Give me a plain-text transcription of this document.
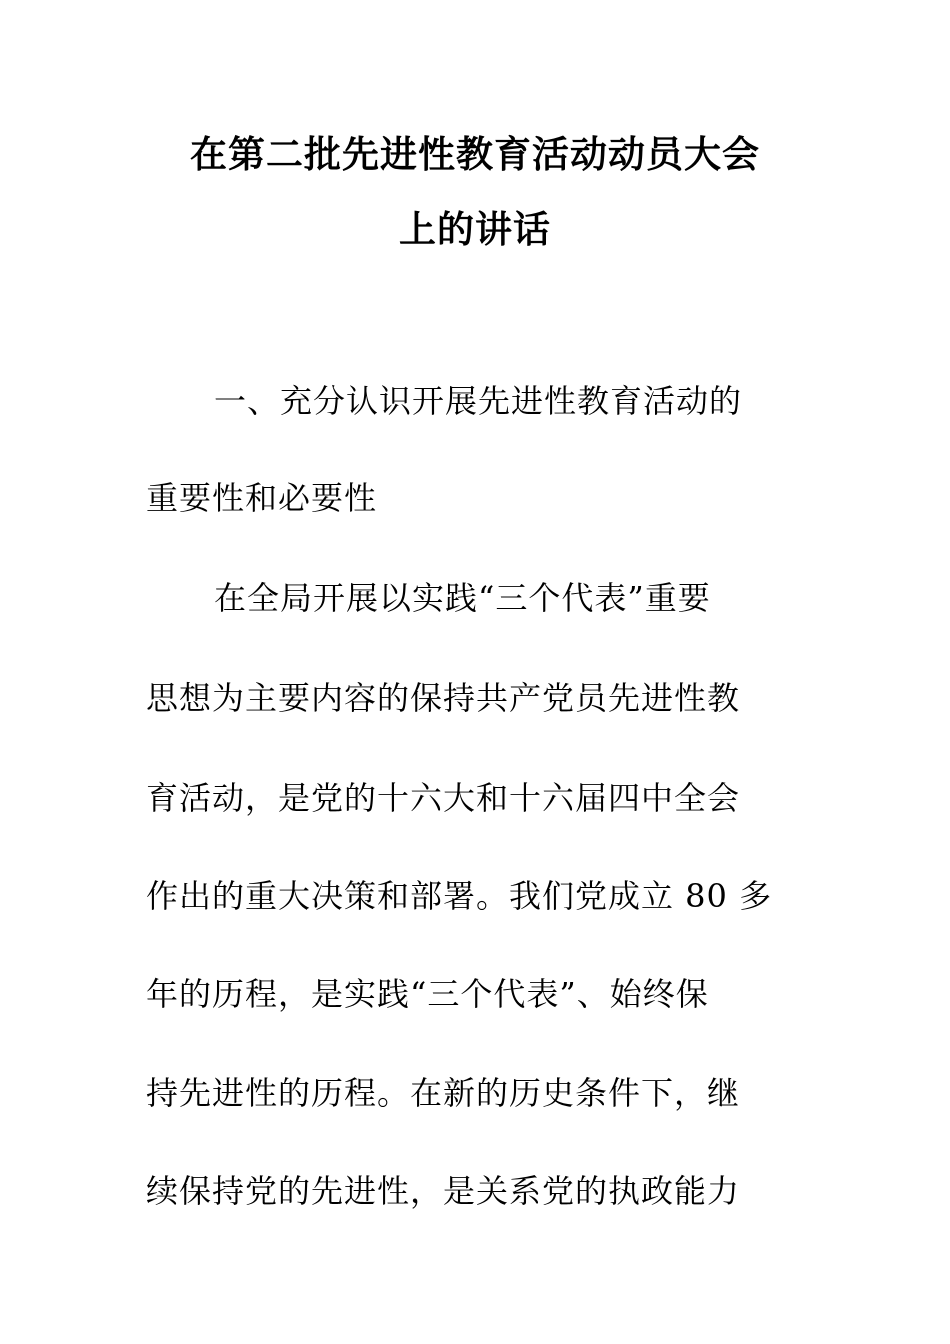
在第二批先进性教育活动动员大会
上的讲话
一、充分认识开展先进性教育活动的
重要性和必要性
在全局开展以实践“三个代表”重要
思想为主要内容的保持共产党员先进性教
育活动，是党的十六大和十六届四中全会
作出的重大决策和部署。我们党成立 80 多
年的历程，是实践“三个代表”、始终保
持先进性的历程。在新的历史条件下，继
续保持党的先进性，是关系党的执政能力
